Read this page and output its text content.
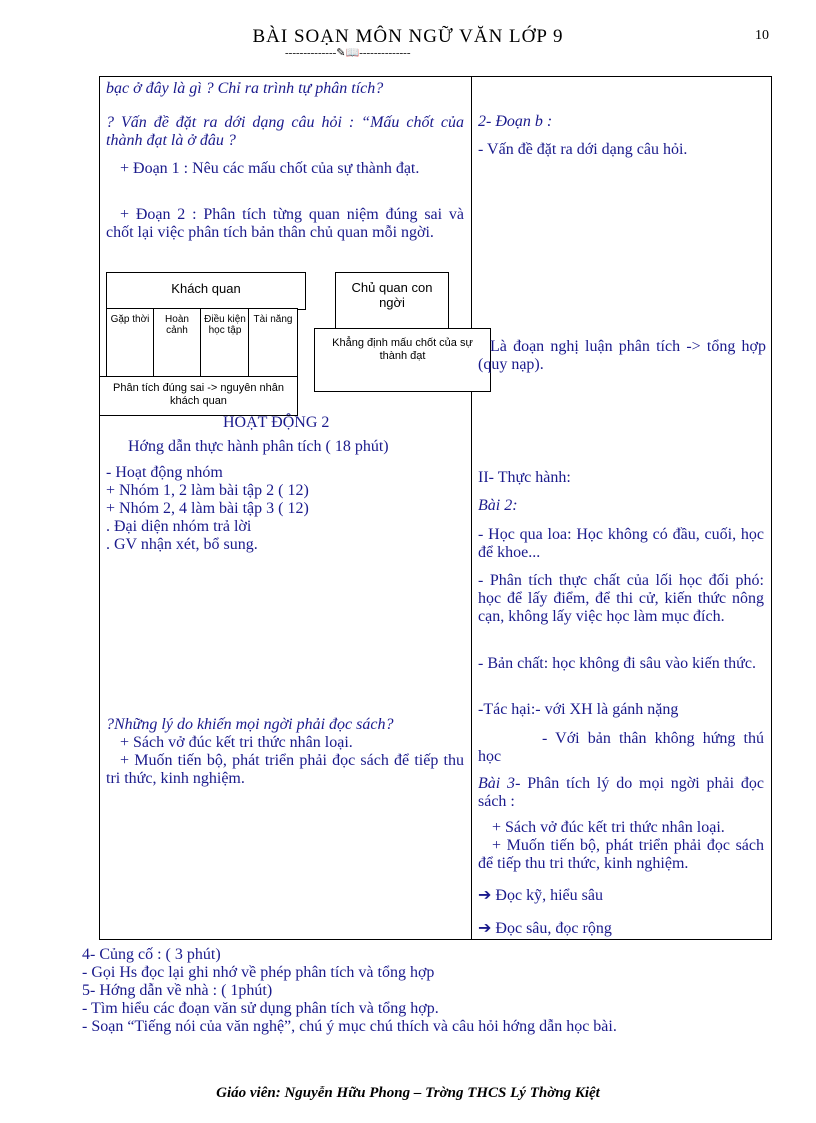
BÀI SOẠN MÔN NGỮ VĂN LỚP 9	10
--------------✎📖--------------
bạc ở đây là gì ? Chỉ ra trình tự phân tích?
? Vấn đề đặt ra dới dạng câu hỏi : “Mấu chốt của thành đạt là ở đâu ?
+ Đoạn 1 : Nêu các mấu chốt của sự thành đạt.
+ Đoạn 2 : Phân tích từng quan niệm đúng sai và chốt lại việc phân tích bản thân chủ quan mỗi ngời.
Khách quan
Gặp thời	Hoàn cảnh
Điều kiện học tập
Tài năng
Chủ quan con ngời
Khẳng định mấu chốt của sự thành đạt
Phân tích đúng sai -> nguyên nhân khách quan
HOẠT ĐỘNG 2
Hớng dẫn thực hành phân tích ( 18 phút)
- Hoạt động nhóm
+ Nhóm 1, 2 làm bài tập 2 ( 12)
+ Nhóm 2, 4 làm bài tập 3 ( 12)
. Đại diện nhóm trả lời
. GV nhận xét, bổ sung.
?Những lý do khiến mọi ngời phải đọc sách?
+ Sách vở đúc kết tri thức nhân loại.
+ Muốn tiến bộ, phát triển phải đọc sách để tiếp thu tri thức, kinh nghiệm.
2- Đoạn b :
- Vấn đề đặt ra dới dạng câu hỏi.
Là đoạn nghị luận phân tích -> tổng hợp (quy nạp).
II- Thực hành:
Bài 2:
- Học qua loa: Học không có đầu, cuối, học để khoe...
- Phân tích thực chất của lối học đối phó: học để lấy điểm, để thi cử, kiến thức nông cạn, không lấy việc học làm mục đích.
- Bản chất: học không đi sâu vào kiến thức.
-Tác hại:- với XH là gánh nặng
- Với bản thân không hứng thú học
Bài 3- Phân tích lý do mọi ngời phải đọc sách :
+ Sách vở đúc kết tri thức nhân loại.
+ Muốn tiến bộ, phát triển phải đọc sách để tiếp thu tri thức, kinh nghiệm.
➔ Đọc kỹ, hiểu sâu
➔ Đọc sâu, đọc rộng
4- Củng cố : ( 3 phút)
- Gọi Hs đọc lại ghi nhớ về phép phân tích và tổng hợp
5- Hớng dẫn về nhà : ( 1phút)
- Tìm hiểu các đoạn văn sử dụng phân tích và tổng hợp.
- Soạn “Tiếng nói của văn nghệ”, chú ý mục chú thích và câu hỏi hớng dẫn học bài.
Giáo viên: Nguyễn Hữu Phong – Trờng THCS Lý Thờng Kiệt
